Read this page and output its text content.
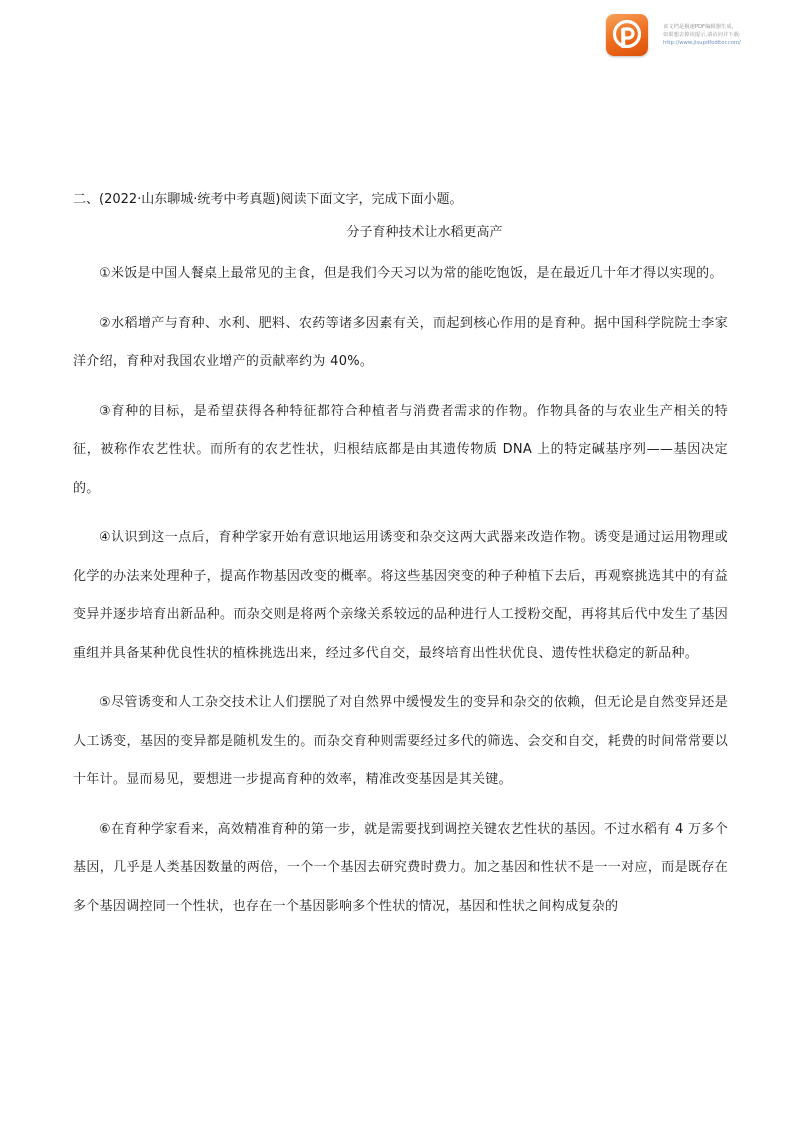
该文档是极速PDF编辑器生成,
如果想去掉该提示,请访问并下载:
http://www.jisupdfeditor.com/
二、(2022·山东聊城·统考中考真题)阅读下面文字，完成下面小题。
分子育种技术让水稻更高产

①米饭是中国人餐桌上最常见的主食，但是我们今天习以为常的能吃饱饭，是在最近几十年才得以实现的。

②水稻增产与育种、水利、肥料、农药等诸多因素有关，而起到核心作用的是育种。据中国科学院院士李家洋介绍，育种对我国农业增产的贡献率约为 40%。

③育种的目标，是希望获得各种特征都符合种植者与消费者需求的作物。作物具备的与农业生产相关的特征，被称作农艺性状。而所有的农艺性状，归根结底都是由其遗传物质 DNA 上的特定碱基序列——基因决定的。

④认识到这一点后，育种学家开始有意识地运用诱变和杂交这两大武器来改造作物。诱变是通过运用物理或化学的办法来处理种子，提高作物基因改变的概率。将这些基因突变的种子种植下去后，再观察挑选其中的有益变异并逐步培育出新品种。而杂交则是将两个亲缘关系较远的品种进行人工授粉交配，再将其后代中发生了基因重组并具备某种优良性状的植株挑选出来，经过多代自交，最终培育出性状优良、遗传性状稳定的新品种。

⑤尽管诱变和人工杂交技术让人们摆脱了对自然界中缓慢发生的变异和杂交的依赖，但无论是自然变异还是人工诱变，基因的变异都是随机发生的。而杂交育种则需要经过多代的筛选、会交和自交，耗费的时间常常要以十年计。显而易见，要想进一步提高育种的效率，精准改变基因是其关键。

⑥在育种学家看来，高效精准育种的第一步，就是需要找到调控关键农艺性状的基因。不过水稻有 4 万多个基因，几乎是人类基因数量的两倍，一个一个基因去研究费时费力。加之基因和性状不是一一对应，而是既存在多个基因调控同一个性状，也存在一个基因影响多个性状的情况，基因和性状之间构成复杂的
